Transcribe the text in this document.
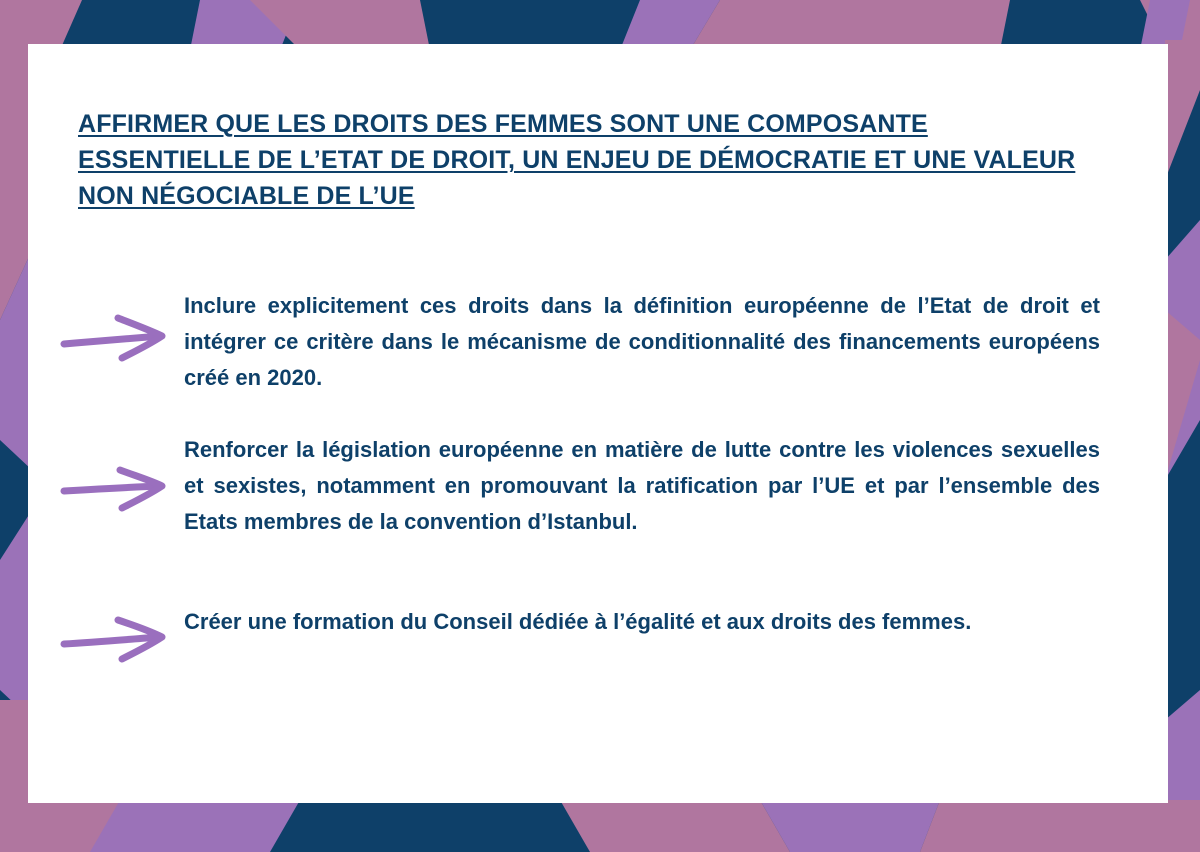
AFFIRMER QUE LES DROITS DES FEMMES SONT UNE COMPOSANTE ESSENTIELLE DE L’ETAT DE DROIT, UN ENJEU DE DÉMOCRATIE ET UNE VALEUR NON NÉGOCIABLE DE L’UE

Inclure explicitement ces droits dans la définition européenne de l’Etat de droit et intégrer ce critère dans le mécanisme de conditionnalité des financements européens créé en 2020.

Renforcer la législation européenne en matière de lutte contre les violences sexuelles et sexistes, notamment en promouvant la ratification par l’UE et par l’ensemble des Etats membres de la convention d’Istanbul.

Créer une formation du Conseil dédiée à l’égalité et aux droits des femmes.
